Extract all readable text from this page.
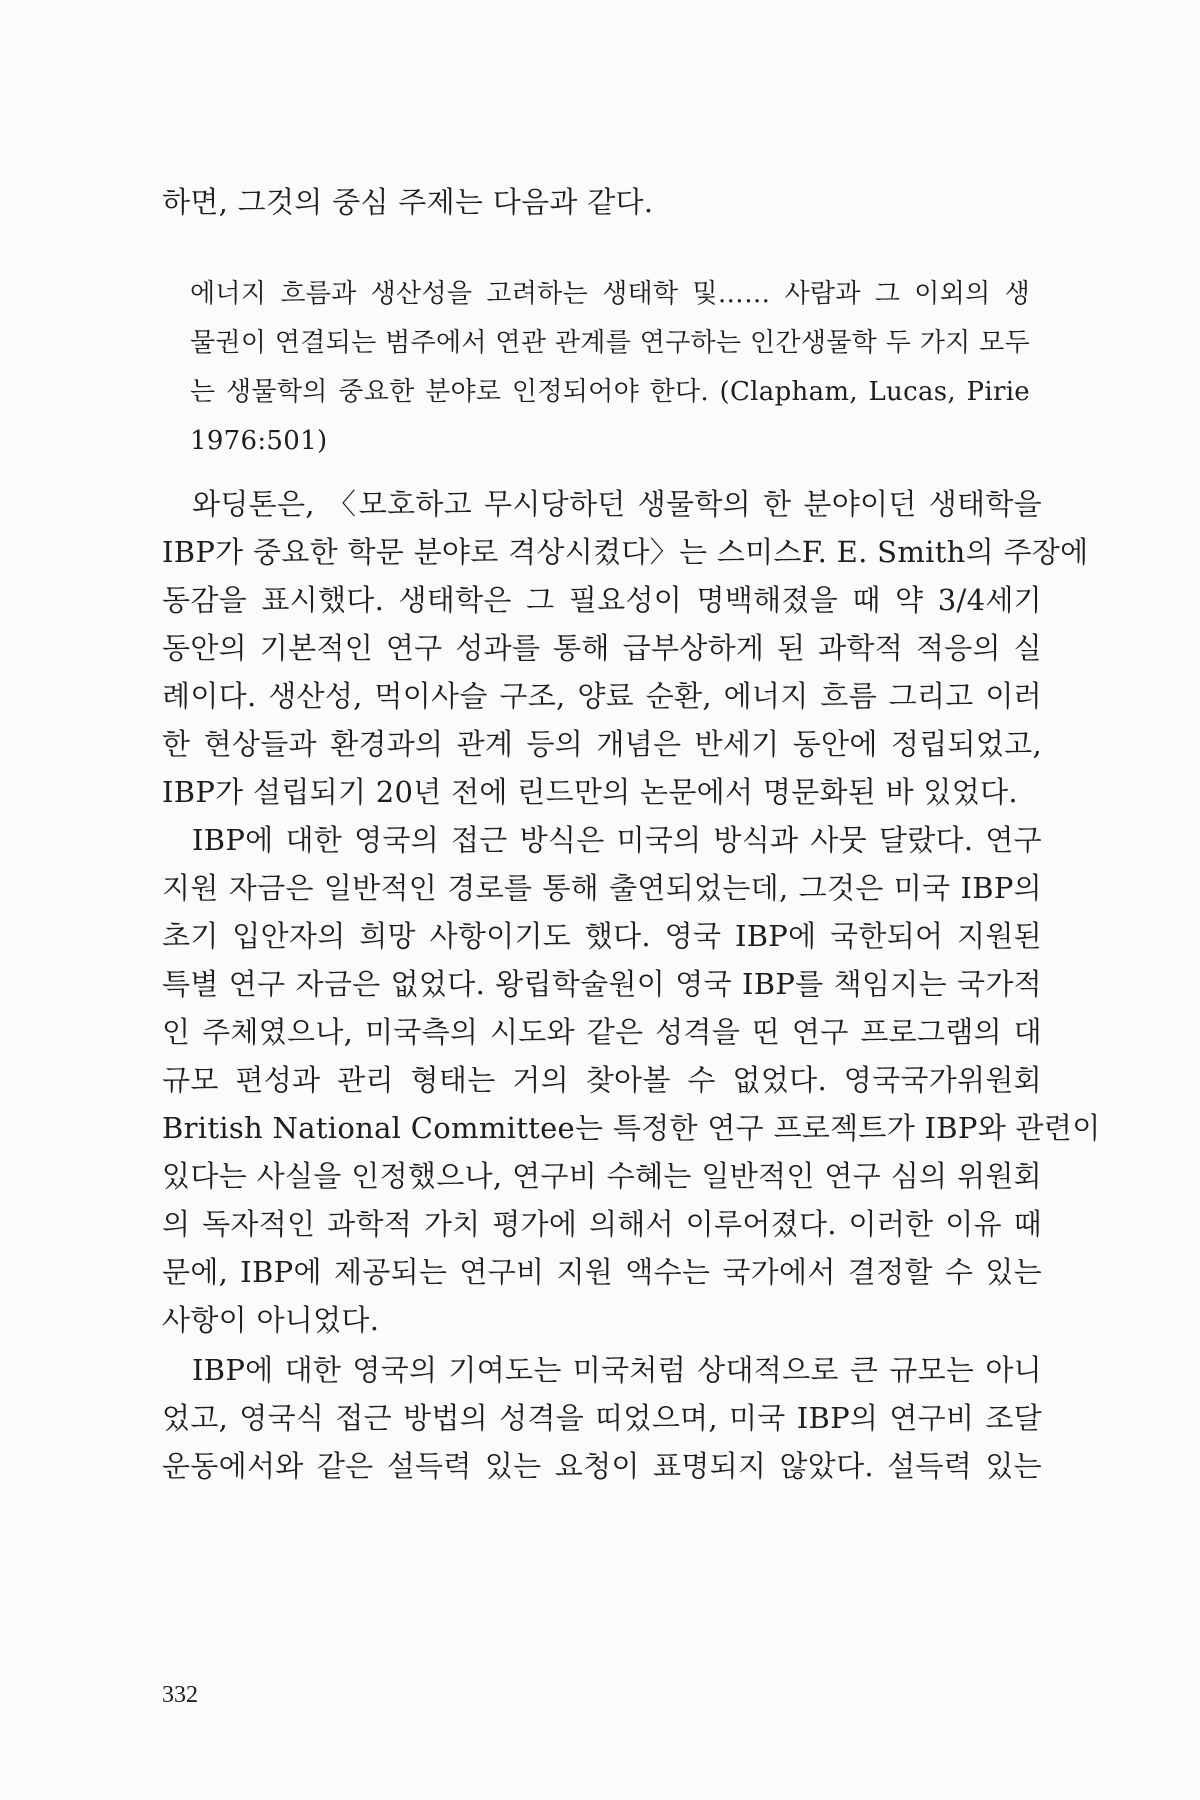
하면, 그것의 중심 주제는 다음과 같다.
에너지 흐름과 생산성을 고려하는 생태학 및…… 사람과 그 이외의 생
물권이 연결되는 범주에서 연관 관계를 연구하는 인간생물학 두 가지 모두
는 생물학의 중요한 분야로 인정되어야 한다. (Clapham, Lucas, Pirie
1976:501)
와딩톤은, 〈모호하고 무시당하던 생물학의 한 분야이던 생태학을
IBP가 중요한 학문 분야로 격상시켰다〉는 스미스F. E. Smith의 주장에
동감을 표시했다. 생태학은 그 필요성이 명백해졌을 때 약 3/4세기
동안의 기본적인 연구 성과를 통해 급부상하게 된 과학적 적응의 실
례이다. 생산성, 먹이사슬 구조, 양료 순환, 에너지 흐름 그리고 이러
한 현상들과 환경과의 관계 등의 개념은 반세기 동안에 정립되었고,
IBP가 설립되기 20년 전에 린드만의 논문에서 명문화된 바 있었다.
IBP에 대한 영국의 접근 방식은 미국의 방식과 사뭇 달랐다. 연구
지원 자금은 일반적인 경로를 통해 출연되었는데, 그것은 미국 IBP의
초기 입안자의 희망 사항이기도 했다. 영국 IBP에 국한되어 지원된
특별 연구 자금은 없었다. 왕립학술원이 영국 IBP를 책임지는 국가적
인 주체였으나, 미국측의 시도와 같은 성격을 띤 연구 프로그램의 대
규모 편성과 관리 형태는 거의 찾아볼 수 없었다. 영국국가위원회
British National Committee는 특정한 연구 프로젝트가 IBP와 관련이
있다는 사실을 인정했으나, 연구비 수혜는 일반적인 연구 심의 위원회
의 독자적인 과학적 가치 평가에 의해서 이루어졌다. 이러한 이유 때
문에, IBP에 제공되는 연구비 지원 액수는 국가에서 결정할 수 있는
사항이 아니었다.
IBP에 대한 영국의 기여도는 미국처럼 상대적으로 큰 규모는 아니
었고, 영국식 접근 방법의 성격을 띠었으며, 미국 IBP의 연구비 조달
운동에서와 같은 설득력 있는 요청이 표명되지 않았다. 설득력 있는
332
